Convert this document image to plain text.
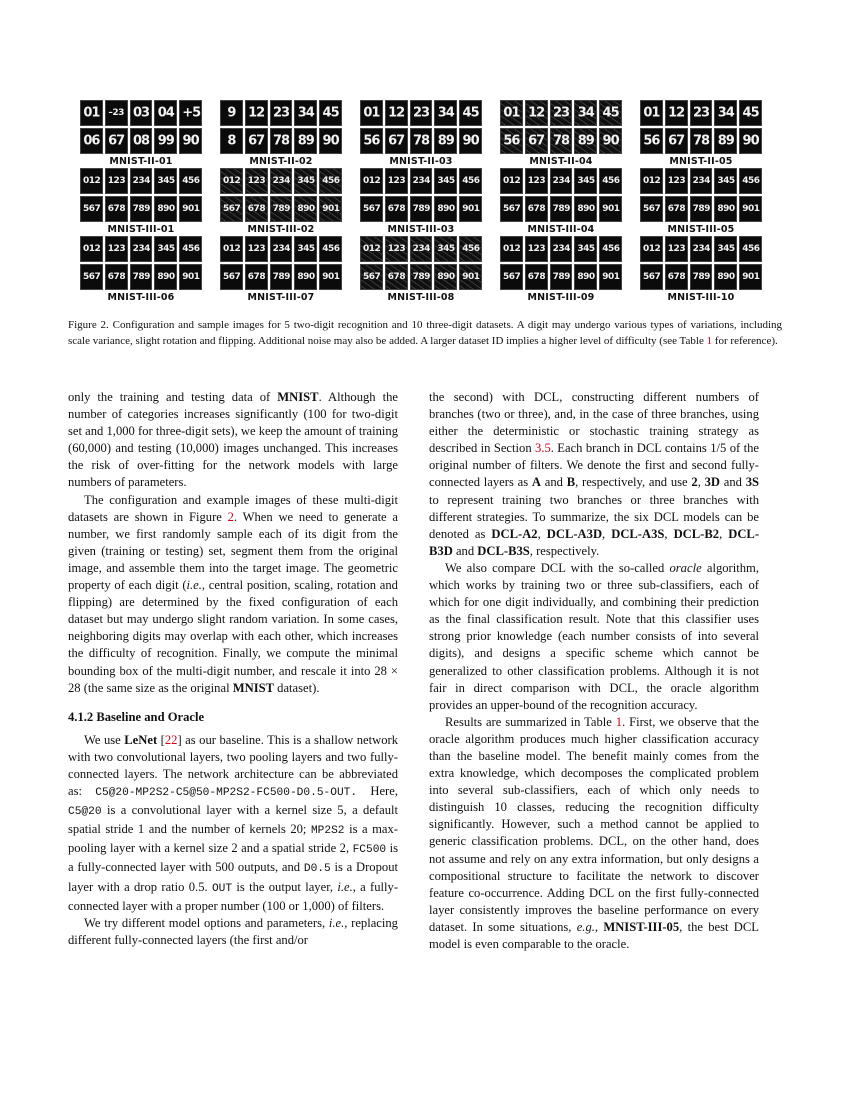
01 –23 03 04 +5
06 67 08 99 90
MNIST-II-01
9 12 23 34 45
8 67 78 89 90
MNIST-II-02
01 12 23 34 45
56 67 78 89 90
MNIST-II-03
01 12 23 34 45
56 67 78 89 90
MNIST-II-04
01 12 23 34 45
56 67 78 89 90
MNIST-II-05
012 123 234 345 456
567 678 789 890 901
MNIST-III-01
012 123 234 345 456
567 678 789 890 901
MNIST-III-02
012 123 234 345 456
567 678 789 890 901
MNIST-III-03
012 123 234 345 456
567 678 789 890 901
MNIST-III-04
012 123 234 345 456
567 678 789 890 901
MNIST-III-05
012 123 234 345 456
567 678 789 890 901
MNIST-III-06
012 123 234 345 456
567 678 789 890 901
MNIST-III-07
012 123 234 345 456
567 678 789 890 901
MNIST-III-08
012 123 234 345 456
567 678 789 890 901
MNIST-III-09
012 123 234 345 456
567 678 789 890 901
MNIST-III-10
Figure 2. Configuration and sample images for 5 two-digit recognition and 10 three-digit datasets. A digit may undergo various types of variations, including scale variance, slight rotation and flipping. Additional noise may also be added. A larger dataset ID implies a higher level of difficulty (see Table 1 for reference).

only the training and testing data of MNIST. Although the number of categories increases significantly (100 for two-digit set and 1,000 for three-digit sets), we keep the amount of training (60,000) and testing (10,000) images unchanged. This increases the risk of over-fitting for the network models with large numbers of parameters.

The configuration and example images of these multi-digit datasets are shown in Figure 2. When we need to generate a number, we first randomly sample each of its digit from the given (training or testing) set, segment them from the original image, and assemble them into the target image. The geometric property of each digit (i.e., central position, scaling, rotation and flipping) are determined by the fixed configuration of each dataset but may undergo slight random variation. In some cases, neighboring digits may overlap with each other, which increases the difficulty of recognition. Finally, we compute the minimal bounding box of the multi-digit number, and rescale it into 28 × 28 (the same size as the original MNIST dataset).

4.1.2 Baseline and Oracle

We use LeNet [22] as our baseline. This is a shallow network with two convolutional layers, two pooling layers and two fully-connected layers. The network architecture can be abbreviated as: C5@20-MP2S2-C5@50-MP2S2-FC500-D0.5-OUT. Here, C5@20 is a convolutional layer with a kernel size 5, a default spatial stride 1 and the number of kernels 20; MP2S2 is a max-pooling layer with a kernel size 2 and a spatial stride 2, FC500 is a fully-connected layer with 500 outputs, and D0.5 is a Dropout layer with a drop ratio 0.5. OUT is the output layer, i.e., a fully-connected layer with a proper number (100 or 1,000) of filters.

We try different model options and parameters, i.e., replacing different fully-connected layers (the first and/or

the second) with DCL, constructing different numbers of branches (two or three), and, in the case of three branches, using either the deterministic or stochastic training strategy as described in Section 3.5. Each branch in DCL contains 1/5 of the original number of filters. We denote the first and second fully-connected layers as A and B, respectively, and use 2, 3D and 3S to represent training two branches or three branches with different strategies. To summarize, the six DCL models can be denoted as DCL-A2, DCL-A3D, DCL-A3S, DCL-B2, DCL-B3D and DCL-B3S, respectively.

We also compare DCL with the so-called oracle algorithm, which works by training two or three sub-classifiers, each of which for one digit individually, and combining their prediction as the final classification result. Note that this classifier uses strong prior knowledge (each number consists of into several digits), and designs a specific scheme which cannot be generalized to other classification problems. Although it is not fair in direct comparison with DCL, the oracle algorithm provides an upper-bound of the recognition accuracy.

Results are summarized in Table 1. First, we observe that the oracle algorithm produces much higher classification accuracy than the baseline model. The benefit mainly comes from the extra knowledge, which decomposes the complicated problem into several sub-classifiers, each of which only needs to distinguish 10 classes, reducing the recognition difficulty significantly. However, such a method cannot be applied to generic classification problems. DCL, on the other hand, does not assume and rely on any extra information, but only designs a compositional structure to facilitate the network to discover feature co-occurrence. Adding DCL on the first fully-connected layer consistently improves the baseline performance on every dataset. In some situations, e.g., MNIST-III-05, the best DCL model is even comparable to the oracle.
